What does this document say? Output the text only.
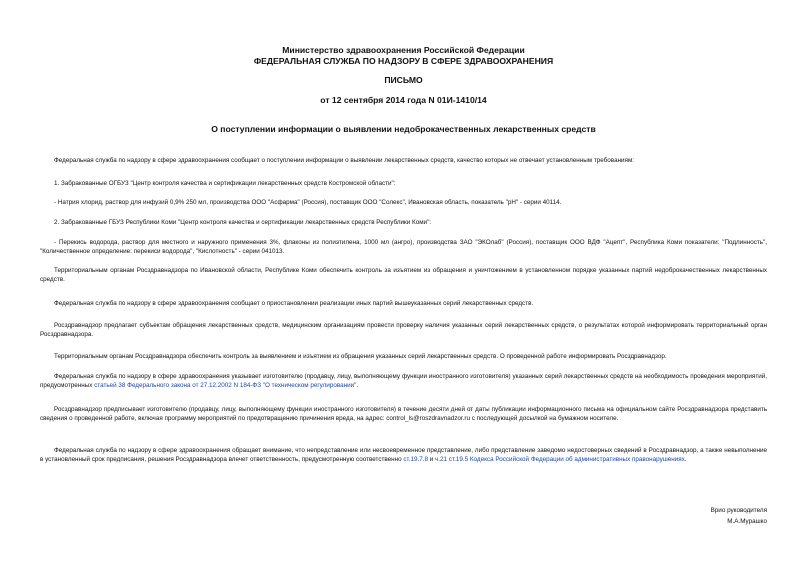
Министерство здравоохранения Российской Федерации
ФЕДЕРАЛЬНАЯ СЛУЖБА ПО НАДЗОРУ В СФЕРЕ ЗДРАВООХРАНЕНИЯ
ПИСЬМО
от 12 сентября 2014 года N 01И-1410/14
О поступлении информации о выявлении недоброкачественных лекарственных средств

Федеральная служба по надзору в сфере здравоохранения сообщает о поступлении информации о выявлении лекарственных средств, качество которых не отвечает установленным требованиям:

1. Забракованные ОГБУЗ "Центр контроля качества и сертификации лекарственных средств Костромской области":

- Натрия хлорид, раствор для инфузий 0,9% 250 мл, производства ООО "Асфарма" (Россия), поставщик ООО "Солекс", Ивановская область, показатель "рН" - серии 40114.

2. Забракованные ГБУЗ Республики Коми "Центр контроля качества и сертификации лекарственных средств Республики Коми":

- Перекись водорода, раствор для местного и наружного применения 3%, флаконы из полиэтилена, 1000 мл (ангро), производства ЗАО "ЭКОлаб" (Россия), поставщик ООО ВДФ "Ацепт", Республика Коми показатели: "Подлинность", "Количественное определение: перекиси водорода", "Кислотность" - серии 041013.

Территориальным органам Росздравнадзора по Ивановской области, Республике Коми обеспечить контроль за изъятием из обращения и уничтожением в установленном порядке указанных партий недоброкачественных лекарственных средств.

Федеральная служба по надзору в сфере здравоохранения сообщает о приостановлении реализации иных партий вышеуказанных серий лекарственных средств.

Росздравнадзор предлагает субъектам обращения лекарственных средств, медицинским организациям провести проверку наличия указанных серий лекарственных средств, о результатах которой информировать территориальный орган Росздравнадзора.

Территориальным органам Росздравнадзора обеспечить контроль за выявлением и изъятием из обращения указанных серий лекарственных средств. О проведенной работе информировать Росздравнадзор.

Федеральная служба по надзору в сфере здравоохранения указывает изготовителю (продавцу, лицу, выполняющему функции иностранного изготовителя) указанных серий лекарственных средств на необходимость проведения мероприятий, предусмотренных статьей 38 Федерального закона от 27.12.2002 N 184-ФЗ "О техническом регулировании".

Росздравнадзор предписывает изготовителю (продавцу, лицу, выполняющему функции иностранного изготовителя) в течение десяти дней от даты публикации информационного письма на официальном сайте Росздравнадзора представить сведения о проведенной работе, включая программу мероприятий по предотвращению причинения вреда, на адрес: control_ls@roszdravnadzor.ru с последующей досылкой на бумажном носителе.

Федеральная служба по надзору в сфере здравоохранения обращает внимание, что непредставление или несвоевременное представление, либо представление заведомо недостоверных сведений в Росздравнадзор, а также невыполнение в установленный срок предписания, решения Росздравнадзора влечет ответственность, предусмотренную соответственно ст.19.7.8 и ч.21 ст.19.5 Кодекса Российской Федерации об административных правонарушениях.

Врио руководителя
М.А.Мурашко
